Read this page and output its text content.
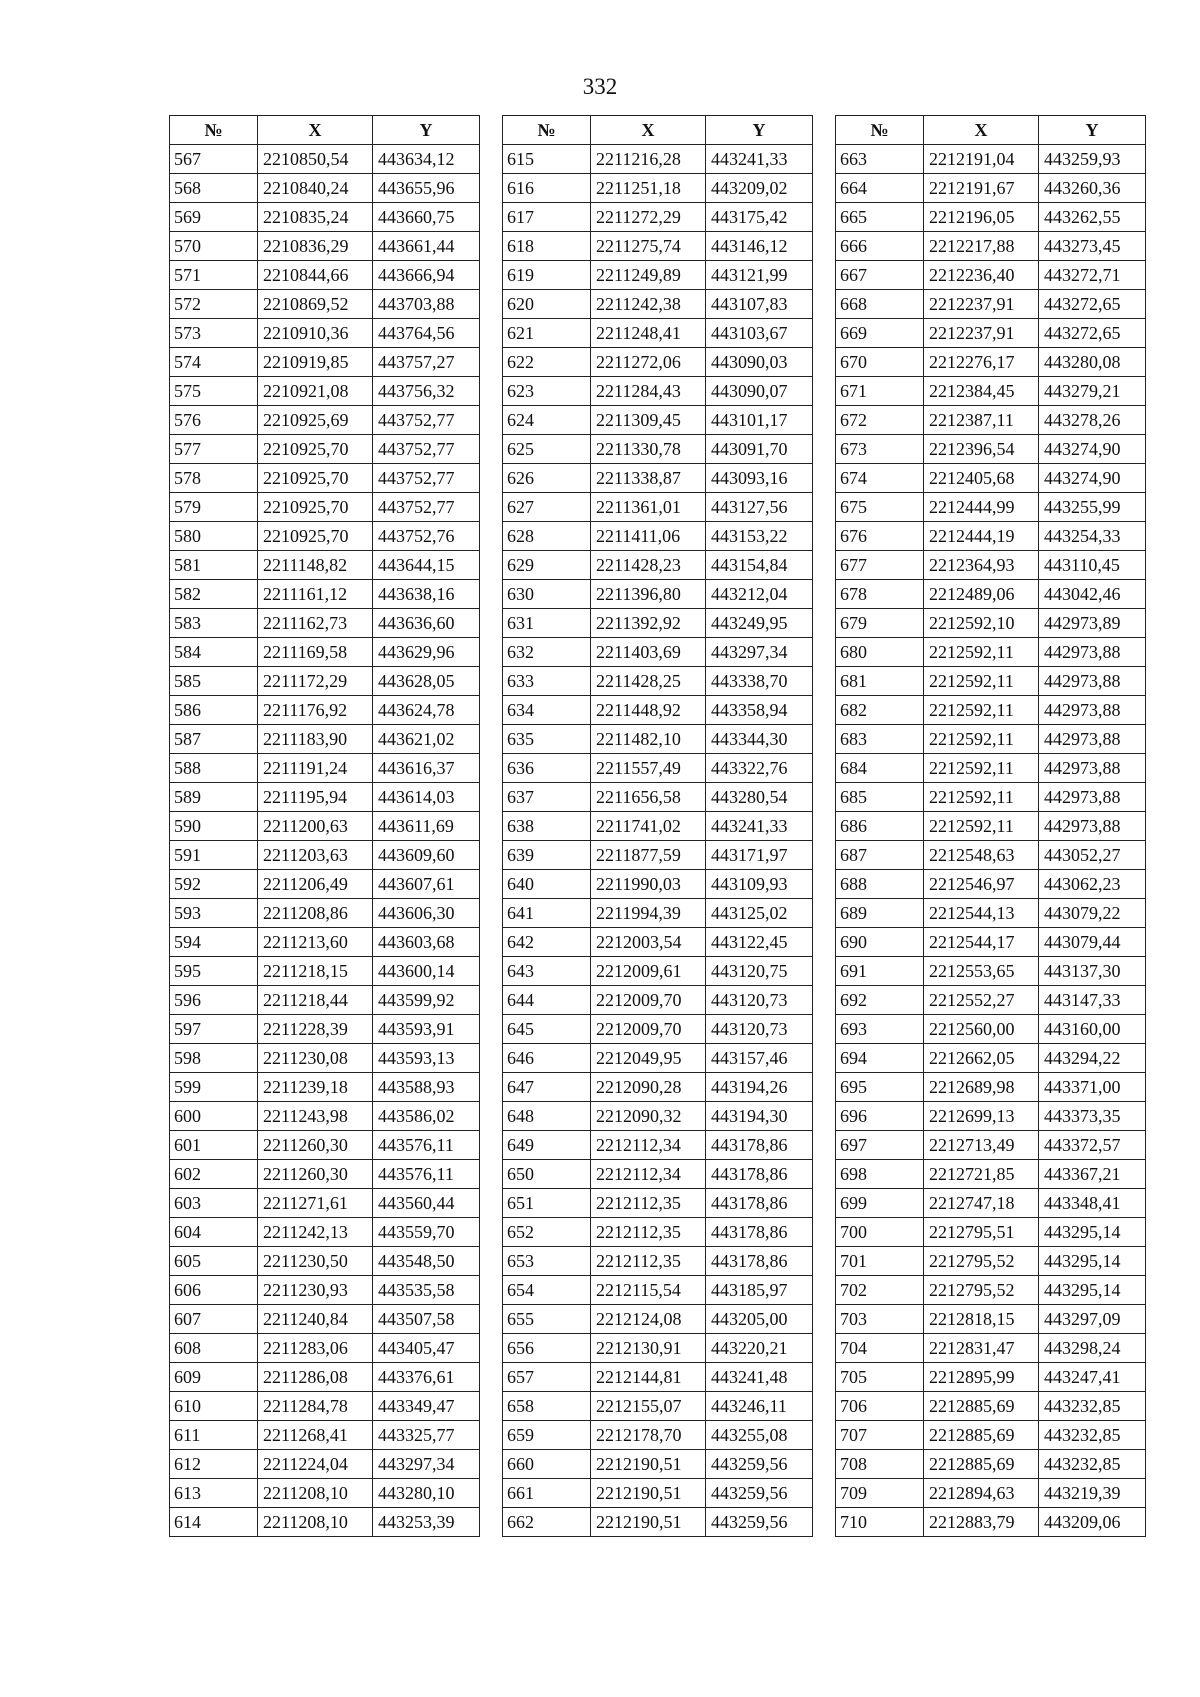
332
№	X	Y
567	2210850,54	443634,12
568	2210840,24	443655,96
569	2210835,24	443660,75
570	2210836,29	443661,44
571	2210844,66	443666,94
572	2210869,52	443703,88
573	2210910,36	443764,56
574	2210919,85	443757,27
575	2210921,08	443756,32
576	2210925,69	443752,77
577	2210925,70	443752,77
578	2210925,70	443752,77
579	2210925,70	443752,77
580	2210925,70	443752,76
581	2211148,82	443644,15
582	2211161,12	443638,16
583	2211162,73	443636,60
584	2211169,58	443629,96
585	2211172,29	443628,05
586	2211176,92	443624,78
587	2211183,90	443621,02
588	2211191,24	443616,37
589	2211195,94	443614,03
590	2211200,63	443611,69
591	2211203,63	443609,60
592	2211206,49	443607,61
593	2211208,86	443606,30
594	2211213,60	443603,68
595	2211218,15	443600,14
596	2211218,44	443599,92
597	2211228,39	443593,91
598	2211230,08	443593,13
599	2211239,18	443588,93
600	2211243,98	443586,02
601	2211260,30	443576,11
602	2211260,30	443576,11
603	2211271,61	443560,44
604	2211242,13	443559,70
605	2211230,50	443548,50
606	2211230,93	443535,58
607	2211240,84	443507,58
608	2211283,06	443405,47
609	2211286,08	443376,61
610	2211284,78	443349,47
611	2211268,41	443325,77
612	2211224,04	443297,34
613	2211208,10	443280,10
614	2211208,10	443253,39
№	X	Y
615	2211216,28	443241,33
616	2211251,18	443209,02
617	2211272,29	443175,42
618	2211275,74	443146,12
619	2211249,89	443121,99
620	2211242,38	443107,83
621	2211248,41	443103,67
622	2211272,06	443090,03
623	2211284,43	443090,07
624	2211309,45	443101,17
625	2211330,78	443091,70
626	2211338,87	443093,16
627	2211361,01	443127,56
628	2211411,06	443153,22
629	2211428,23	443154,84
630	2211396,80	443212,04
631	2211392,92	443249,95
632	2211403,69	443297,34
633	2211428,25	443338,70
634	2211448,92	443358,94
635	2211482,10	443344,30
636	2211557,49	443322,76
637	2211656,58	443280,54
638	2211741,02	443241,33
639	2211877,59	443171,97
640	2211990,03	443109,93
641	2211994,39	443125,02
642	2212003,54	443122,45
643	2212009,61	443120,75
644	2212009,70	443120,73
645	2212009,70	443120,73
646	2212049,95	443157,46
647	2212090,28	443194,26
648	2212090,32	443194,30
649	2212112,34	443178,86
650	2212112,34	443178,86
651	2212112,35	443178,86
652	2212112,35	443178,86
653	2212112,35	443178,86
654	2212115,54	443185,97
655	2212124,08	443205,00
656	2212130,91	443220,21
657	2212144,81	443241,48
658	2212155,07	443246,11
659	2212178,70	443255,08
660	2212190,51	443259,56
661	2212190,51	443259,56
662	2212190,51	443259,56
№	X	Y
663	2212191,04	443259,93
664	2212191,67	443260,36
665	2212196,05	443262,55
666	2212217,88	443273,45
667	2212236,40	443272,71
668	2212237,91	443272,65
669	2212237,91	443272,65
670	2212276,17	443280,08
671	2212384,45	443279,21
672	2212387,11	443278,26
673	2212396,54	443274,90
674	2212405,68	443274,90
675	2212444,99	443255,99
676	2212444,19	443254,33
677	2212364,93	443110,45
678	2212489,06	443042,46
679	2212592,10	442973,89
680	2212592,11	442973,88
681	2212592,11	442973,88
682	2212592,11	442973,88
683	2212592,11	442973,88
684	2212592,11	442973,88
685	2212592,11	442973,88
686	2212592,11	442973,88
687	2212548,63	443052,27
688	2212546,97	443062,23
689	2212544,13	443079,22
690	2212544,17	443079,44
691	2212553,65	443137,30
692	2212552,27	443147,33
693	2212560,00	443160,00
694	2212662,05	443294,22
695	2212689,98	443371,00
696	2212699,13	443373,35
697	2212713,49	443372,57
698	2212721,85	443367,21
699	2212747,18	443348,41
700	2212795,51	443295,14
701	2212795,52	443295,14
702	2212795,52	443295,14
703	2212818,15	443297,09
704	2212831,47	443298,24
705	2212895,99	443247,41
706	2212885,69	443232,85
707	2212885,69	443232,85
708	2212885,69	443232,85
709	2212894,63	443219,39
710	2212883,79	443209,06
